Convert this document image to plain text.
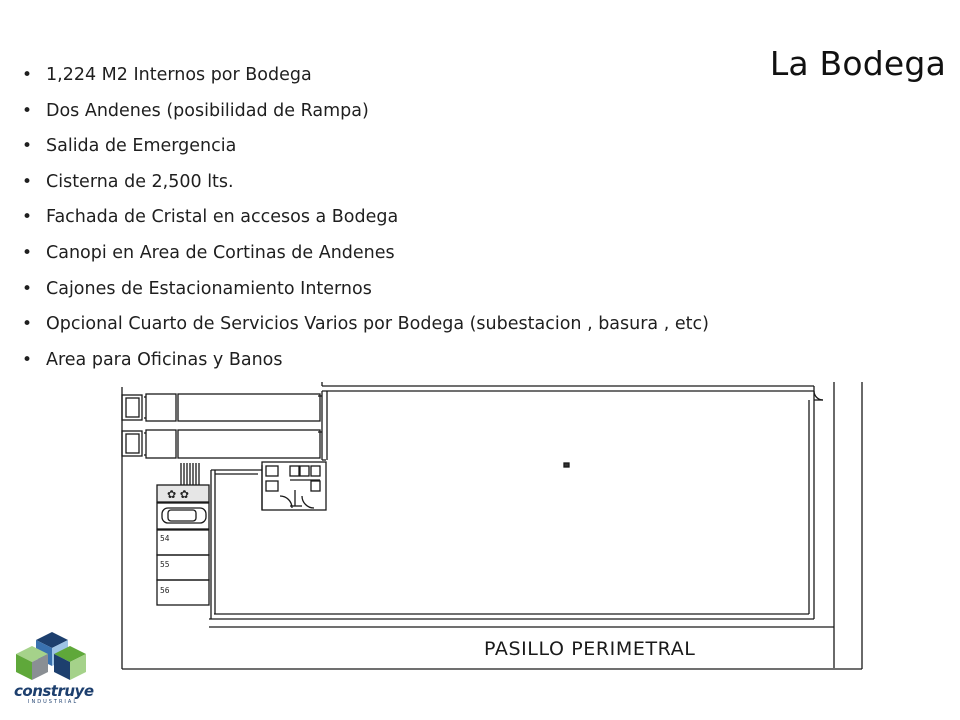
La Bodega
• 1,224 M2 Internos por Bodega
• Dos Andenes (posibilidad de Rampa)
• Salida de Emergencia
• Cisterna de 2,500 lts.
• Fachada de Cristal en accesos a Bodega
• Canopi en Area de Cortinas de Andenes
• Cajones de Estacionamiento Internos
• Opcional Cuarto de Servicios Varios por Bodega (subestacion , basura , etc)
• Area para Oficinas y Banos
✿ ✿
54
55
56
PASILLO PERIMETRAL
construye
INDUSTRIAL
